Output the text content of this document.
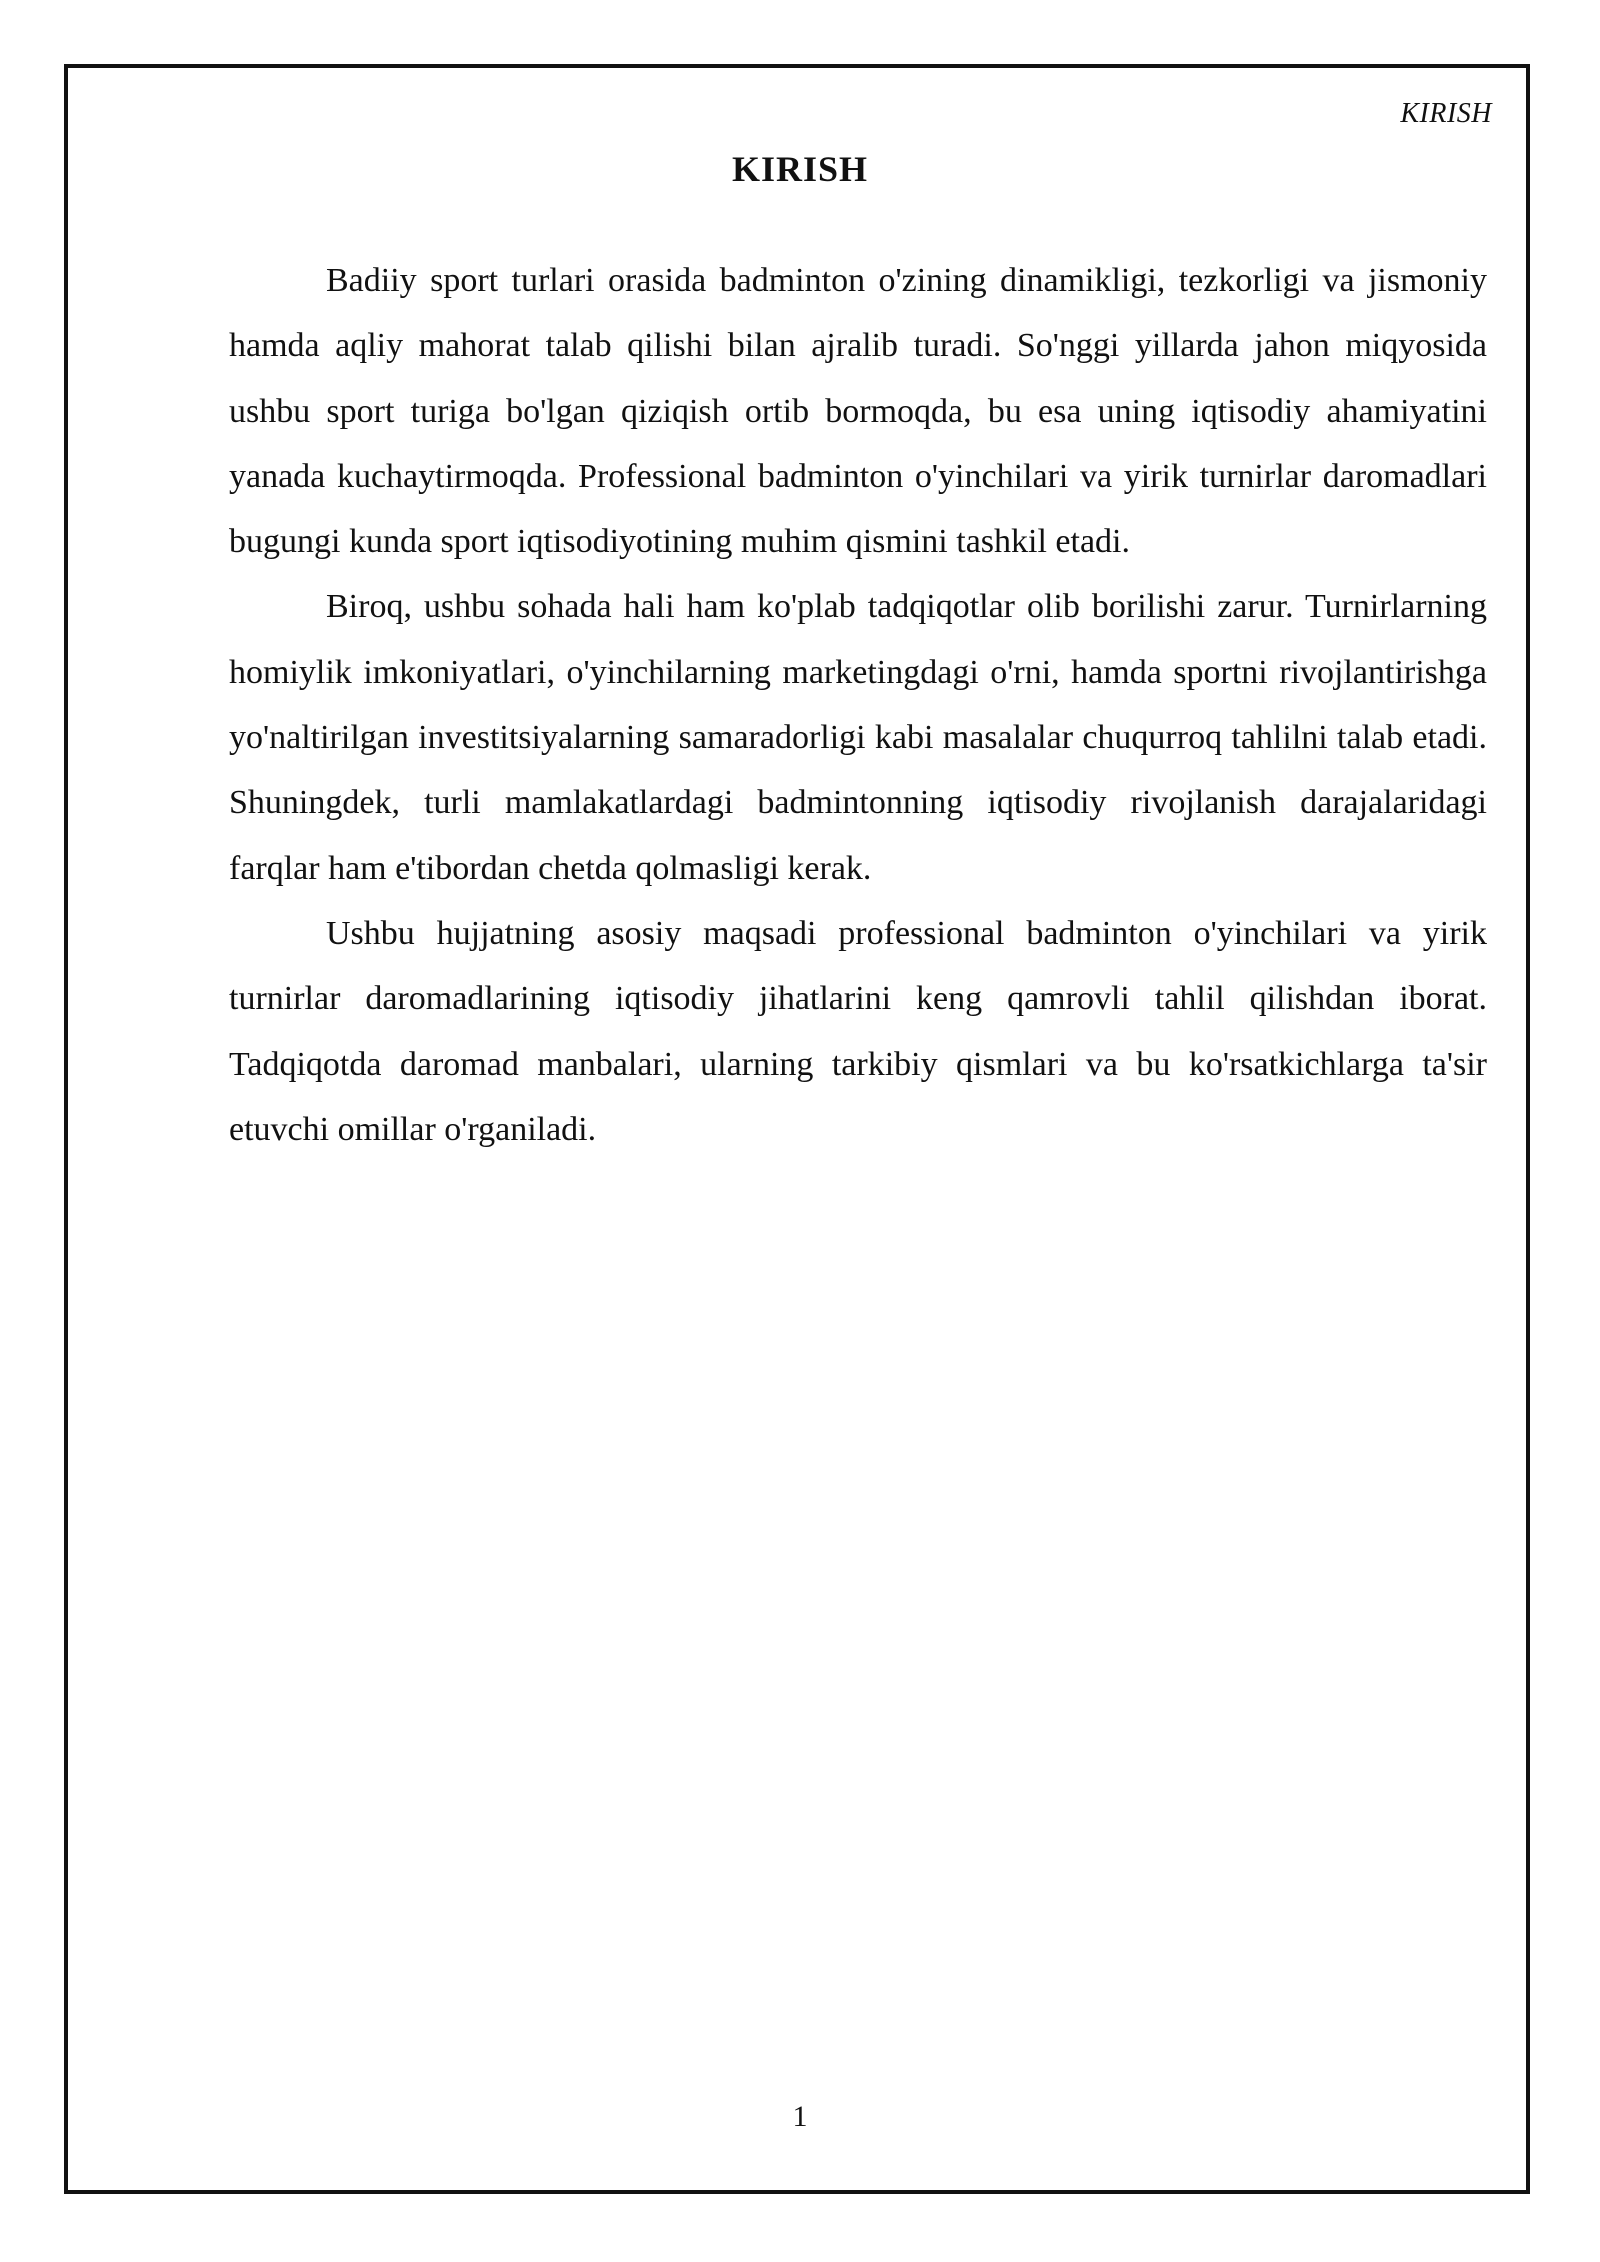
KIRISH
KIRISH

Badiiy sport turlari orasida badminton o'zining dinamikligi, tezkorligi va jismoniy hamda aqliy mahorat talab qilishi bilan ajralib turadi. So'nggi yillarda jahon miqyosida ushbu sport turiga bo'lgan qiziqish ortib bormoqda, bu esa uning iqtisodiy ahamiyatini yanada kuchaytirmoqda. Professional badminton o'yinchilari va yirik turnirlar daromadlari bugungi kunda sport iqtisodiyotining muhim qismini tashkil etadi.

Biroq, ushbu sohada hali ham ko'plab tadqiqotlar olib borilishi zarur. Turnirlarning homiylik imkoniyatlari, o'yinchilarning marketingdagi o'rni, hamda sportni rivojlantirishga yo'naltirilgan investitsiyalarning samaradorligi kabi masalalar chuqurroq tahlilni talab etadi. Shuningdek, turli mamlakatlardagi badmintonning iqtisodiy rivojlanish darajalaridagi farqlar ham e'tibordan chetda qolmasligi kerak.

Ushbu hujjatning asosiy maqsadi professional badminton o'yinchilari va yirik turnirlar daromadlarining iqtisodiy jihatlarini keng qamrovli tahlil qilishdan iborat. Tadqiqotda daromad manbalari, ularning tarkibiy qismlari va bu ko'rsatkichlarga ta'sir etuvchi omillar o'rganiladi.

1
